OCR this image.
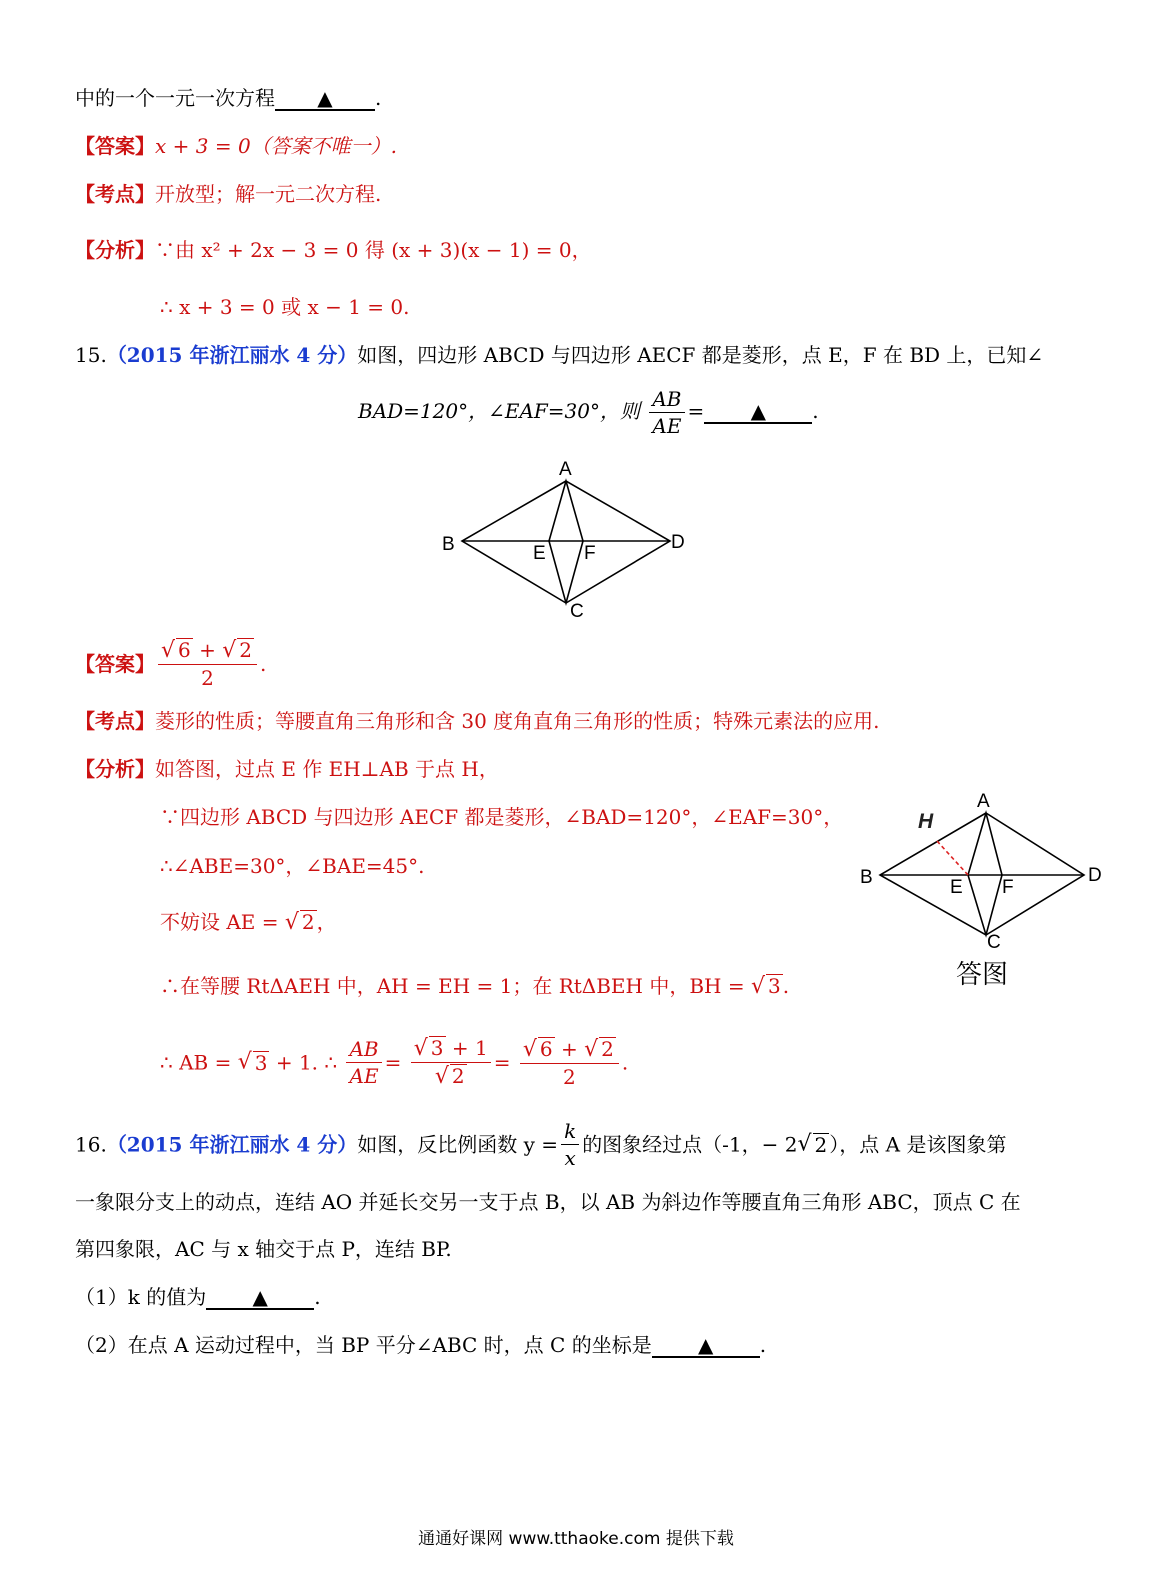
中的一个一元一次方程 ▲ .
【答案】x + 3 = 0（答案不唯一）.
【考点】开放型；解一元二次方程.
【分析】∵由 x² + 2x − 3 = 0 得 (x + 3)(x − 1) = 0，
∴ x + 3 = 0 或 x − 1 = 0.
15.（2015 年浙江丽水 4 分）如图，四边形 ABCD 与四边形 AECF 都是菱形，点 E，F 在 BD 上，已知∠
BAD=120°，∠EAF=30°，则 $\frac{AB}{AE}$ = ▲ .
A
B
C
D
E F
【答案】 $\frac{√ 6 + √ 2}{2}$ .
【考点】菱形的性质；等腰直角三角形和含 30 度角直角三角形的性质；特殊元素法的应用.
【分析】如答图，过点 E 作 EH⊥AB 于点 H，
∵四边形 ABCD 与四边形 AECF 都是菱形，∠BAD=120°，∠EAF=30°，
∴∠ABE=30°，∠BAE=45°.
不妨设 AE = √ 2 ，
∴在等腰 RtΔAEH 中，AH = EH = 1；在 RtΔBEH 中，BH = √ 3 .
∴ AB = √ 3 + 1. ∴ $\frac{AB}{AE} = \frac{√ 3 + 1}{√ 2} = \frac{√ 6 + √ 2}{2}$ .
H
A
B
C
D
E F
答图
16.（2015 年浙江丽水 4 分）如图，反比例函数 $y = \frac{k}{x}$ 的图象经过点（-1，− 2√ 2 ），点 A 是该图象第
一象限分支上的动点，连结 AO 并延长交另一支于点 B，以 AB 为斜边作等腰直角三角形 ABC，顶点 C 在
第四象限，AC 与 x 轴交于点 P，连结 BP.
（1）k 的值为 ▲ .
（2）在点 A 运动过程中，当 BP 平分∠ABC 时，点 C 的坐标是 ▲ .
通通好课网 www.tthaoke.com 提供下载
